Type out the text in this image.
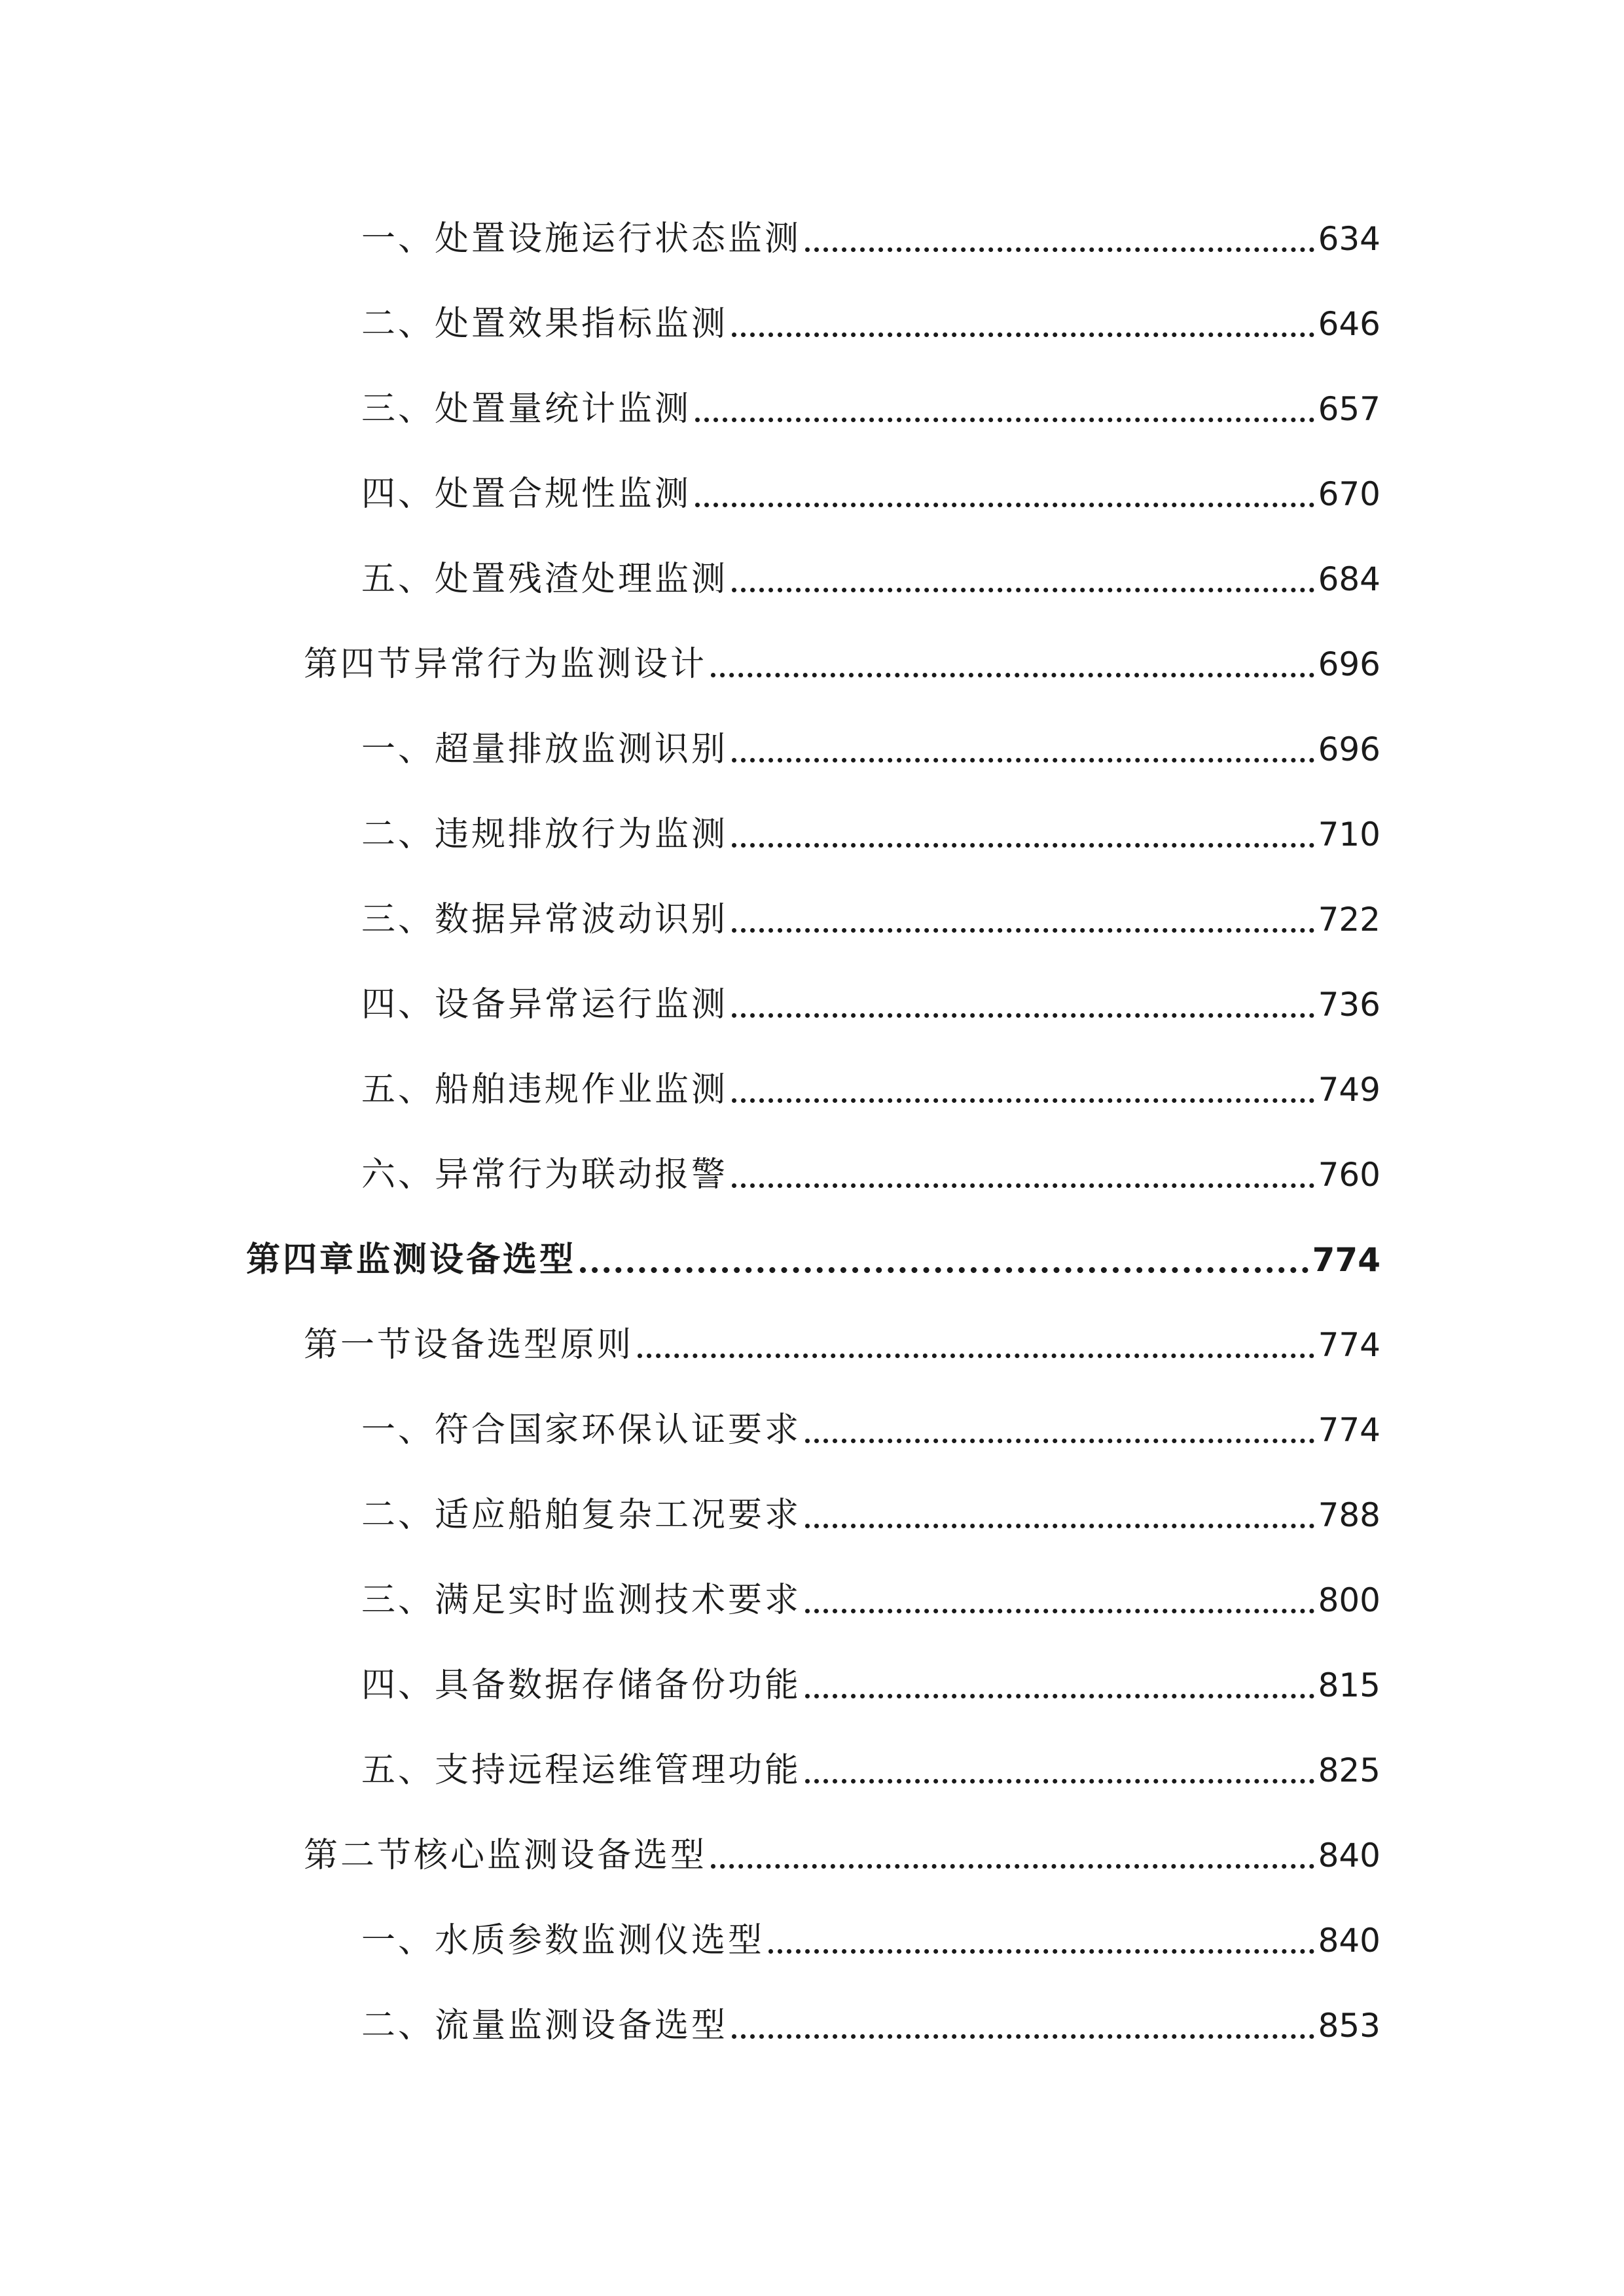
一、处置设施运行状态监测	634
二、处置效果指标监测	646
三、处置量统计监测	657
四、处置合规性监测	670
五、处置残渣处理监测	684
第四节异常行为监测设计	696
一、超量排放监测识别	696
二、违规排放行为监测	710
三、数据异常波动识别	722
四、设备异常运行监测	736
五、船舶违规作业监测	749
六、异常行为联动报警	760
第四章监测设备选型	774
第一节设备选型原则	774
一、符合国家环保认证要求	774
二、适应船舶复杂工况要求	788
三、满足实时监测技术要求	800
四、具备数据存储备份功能	815
五、支持远程运维管理功能	825
第二节核心监测设备选型	840
一、水质参数监测仪选型	840
二、流量监测设备选型	853
